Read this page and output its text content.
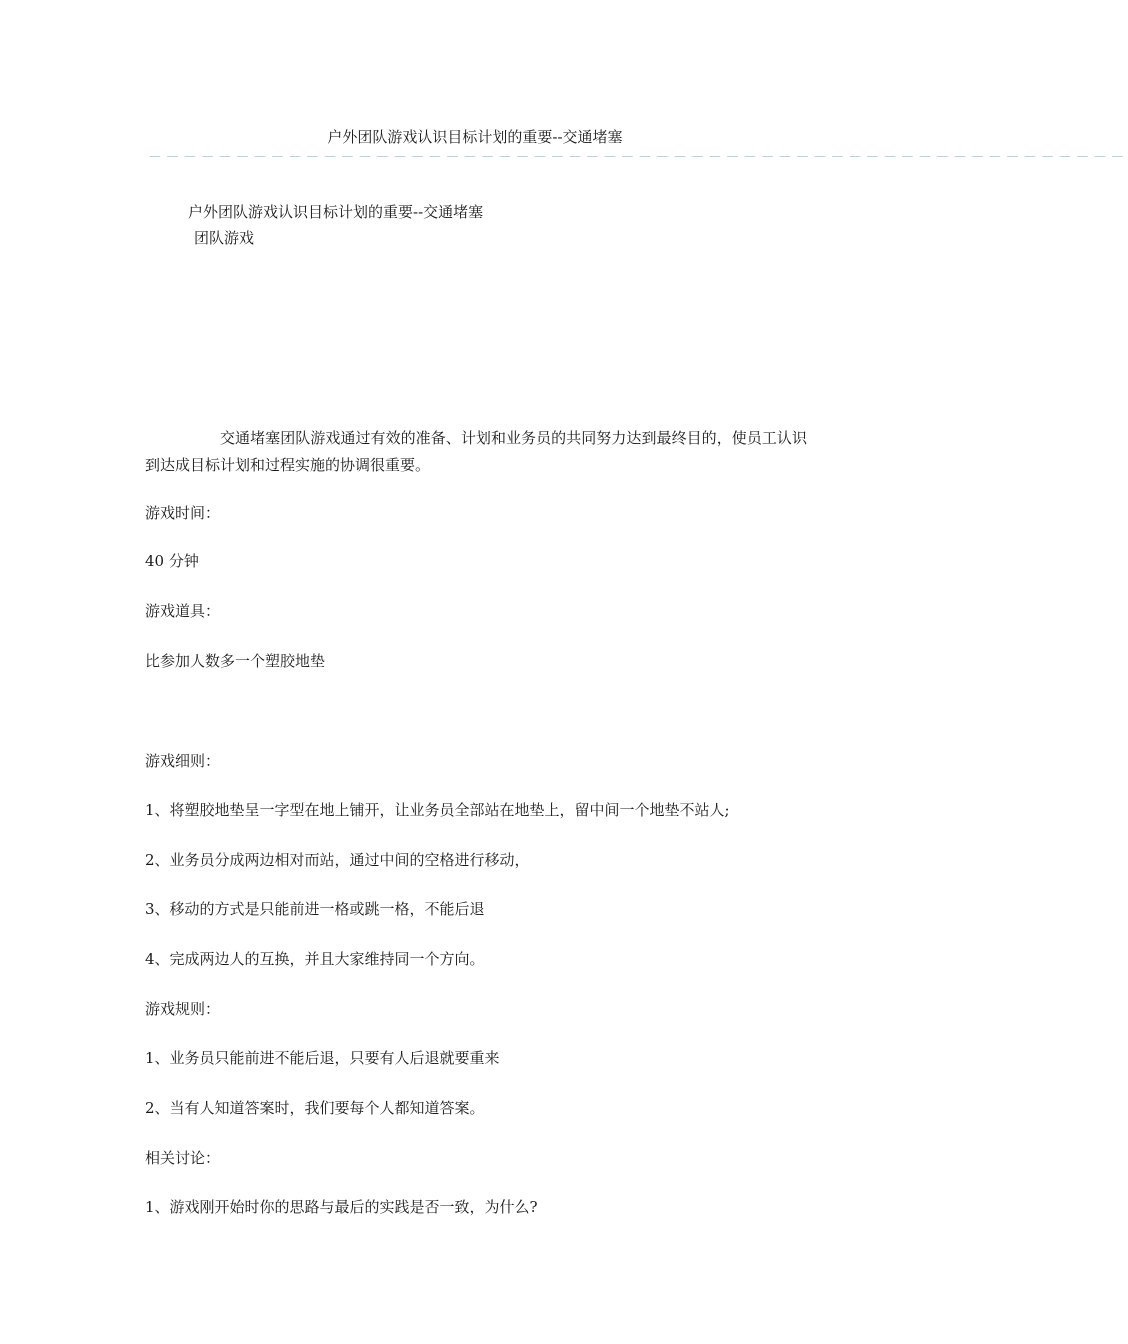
户外团队游戏认识目标计划的重要--交通堵塞
－－－－－－－－－－－－－－－－－－－－－－－－－－－－－－－－－－－－－－－－－－－－－－－－－－－－－－－－
户外团队游戏认识目标计划的重要--交通堵塞
团队游戏
交通堵塞团队游戏通过有效的准备、计划和业务员的共同努力达到最终目的，使员工认识到达成目标计划和过程实施的协调很重要。
游戏时间：
40 分钟
游戏道具：
比参加人数多一个塑胶地垫
游戏细则：
1、将塑胶地垫呈一字型在地上铺开，让业务员全部站在地垫上，留中间一个地垫不站人;
2、业务员分成两边相对而站，通过中间的空格进行移动，
3、移动的方式是只能前进一格或跳一格，不能后退
4、完成两边人的互换，并且大家维持同一个方向。
游戏规则：
1、业务员只能前进不能后退，只要有人后退就要重来
2、当有人知道答案时，我们要每个人都知道答案。
相关讨论：
1、游戏刚开始时你的思路与最后的实践是否一致，为什么?
